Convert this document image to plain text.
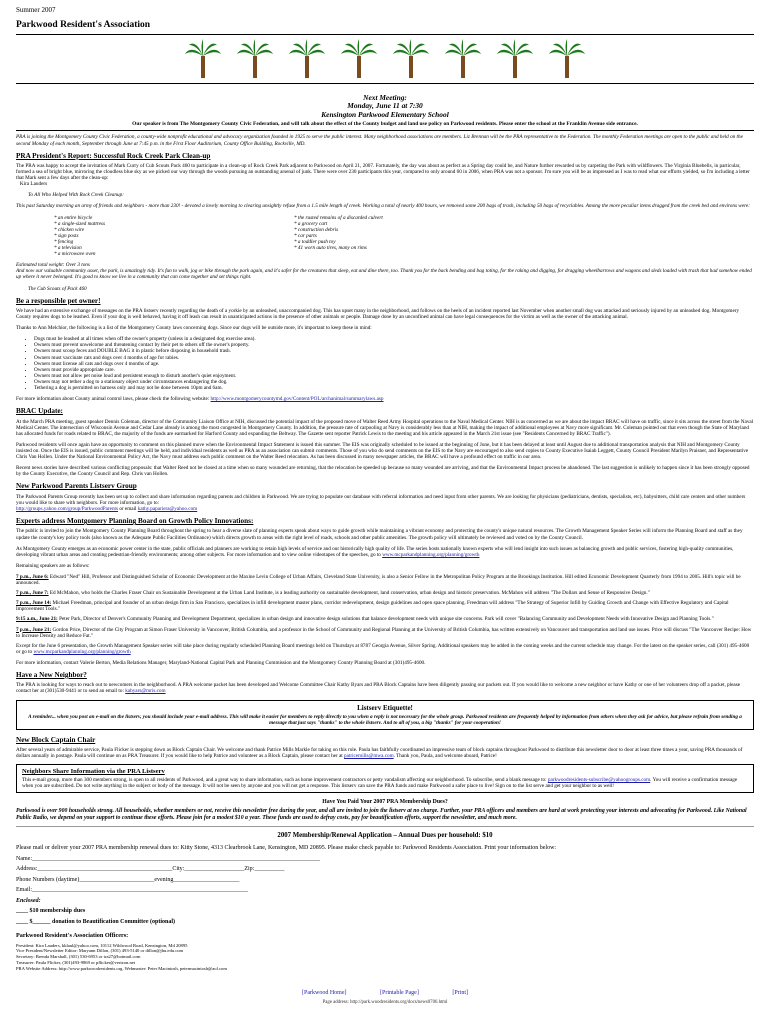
Summer 2007
Parkwood Resident's Association
Next Meeting:
Monday, June 11 at 7:30
Kensington Parkwood Elementary School
Our speaker is from The Montgomery County Civic Federation, and will talk about the effect of the County budget and land use policy on Parkwood residents. Please enter the school at the Franklin Avenue side entrance.

PRA is joining the Montgomery County Civic Federation, a county-wide nonprofit educational and advocacy organization founded in 1925 to serve the public interest. Many neighborhood associations are members. Liz Brennan will be the PRA representative to the Federation. The monthly Federation meetings are open to the public and held on the second Monday of each month, September through June at 7:45 p.m. in the First Floor Auditorium, County Office Building, Rockville, MD.

PRA President's Report: Successful Rock Creek Park Clean-up

The PRA was happy to accept the invitation of Mark Curry of Cub Scouts Pack 460 to participate in a clean-up of Rock Creek Park adjacent to Parkwood on April 21, 2007. Fortunately, the day was about as perfect as a Spring day could be, and Nature further rewarded us by carpeting the Park with wildflowers. The Virginia Bluebells, in particular, formed a sea of bright blue, mirroring the cloudless blue sky as we picked our way through the woods pursuing an outstanding arsenal of junk. There were over 230 participants this year, compared to only around 60 in 2006, when PRA was not a sponsor. I'm sure you will be as impressed as I was to read what our efforts yielded, so I'm including a letter that Mark sent a few days after the clean-up:
Kira Lauders

To All Who Helped With Rock Creek Cleanup:

This past Saturday morning an army of friends and neighbors - more than 230! - devoted a lovely morning to clearing unsightly refuse from a 1.5 mile length of creek. Working a total of nearly 400 hours, we removed some 200 bags of trash, including 50 bags of recyclables. Among the more peculiar items dragged from the creek bed and environs were:

* an entire bicycle
* a single-sized mattress
* chicken wire
* sign posts
* fencing
* a television
* a microwave oven
* the rusted remains of a discarded culvert
* a grocery cart
* construction debris
* car parts
* a toddler push toy
* 41 worn auto tires, many on rims

Estimated total weight: Over 3 tons
And now our valuable community asset, the park, is amazingly tidy. It's fun to walk, jog or bike through the park again, and it's safer for the creatures that sleep, eat and dine there, too. Thank you for the back bending and bag toting, for the raking and digging, for dragging wheelbarrows and wagons and sleds loaded with trash that had somehow ended up where it never belonged. It's good to know we live in a community that can come together and set things right.

The Cub Scouts of Pack 460

Be a responsible pet owner!

We have had an extensive exchange of messages on the PRA listserv recently regarding the death of a yorkie by an unleashed, unaccompanied dog. This has upset many in the neighborhood, and follows on the heels of an incident reported last November when another small dog was attacked and seriously injured by an unleashed dog. Montgomery County requires dogs to be leashed. Even if your dog is well behaved, having it off leash can result in unanticipated actions in the presence of other animals or people. Damage done by an unconfined animal can have legal consequences for the victim as well as the owner of the attacking animal.

Thanks to Ann Melchior, the following is a list of the Montgomery County laws concerning dogs. Since our dogs will be outside more, it's important to keep these in mind:

• Dogs must be leashed at all times when off the owner's property (unless in a designated dog exercise area).
• Owners must prevent unwelcome and threatening contact by their pet to others off the owner's property.
• Owners must scoop feces and DOUBLE BAG it in plastic before disposing in household trash.
• Owners must vaccinate cats and dogs over 4 months of age for rabies.
• Owners must license all cats and dogs over 4 months of age.
• Owners must provide appropriate care.
• Owners must not allow pet noise loud and persistent enough to disturb another's quiet enjoyment.
• Owners may not tether a dog to a stationary object under circumstances endangering the dog.
• Tethering a dog is permitted on harness only and may not be done between 10pm and 6am.

For more information about County animal control laws, please check the following website: http://www.montgomerycountymd.gov/Content/POL/archanimal/summarylaws.asp

BRAC Update:

At the March PRA meeting, guest speaker Dennis Coleman, director of the Community Liaison Office at NIH, discussed the potential impact of the proposed move of Walter Reed Army Hospital operations to the Naval Medical Center. NIH is as concerned as we are about the impact BRAC will have on traffic, since it sits across the street from the Naval Medical Center. The intersection of Wisconsin Avenue and Cedar Lane already is among the most congested in Montgomery County. In addition, the pressure rate of carpooling at Navy is considerably less than at NIH, making the impact of additional employees at Navy more significant. Mr. Coleman pointed out that even though the State of Maryland has allocated funds for roads related to BRAC, the majority of the funds are earmarked for Harford County and expanding the Beltway. The Gazette sent reporter Patrick Lewis to the meeting and his article appeared in the March 21st issue (see "Residents Concerned by BRAC Traffic").

Parkwood residents will once again have an opportunity to comment on this planned move when the Environmental Impact Statement is issued this summer. The EIS was originally scheduled to be issued at the beginning of June, but it has been delayed at least until August due to additional transportation analysis that NIH and Montgomery County insisted on. Once the EIS is issued, public comment meetings will be held, and individual residents as well as PRA as an association can submit comments. Those of you who do send comments on the EIS to the Navy are encouraged to also send copies to County Executive Isaiah Leggett, County Council President Marilyn Praisner, and Representative Chris Van Hollen. Under the National Environmental Policy Act, the Navy must address each public comment on the Walter Reed relocation. As has been discussed in many newspaper articles, the BRAC will have a profound effect on traffic in our area.

Recent news stories have described various conflicting proposals: that Walter Reed not be closed at a time when so many wounded are returning, that the relocation be speeded up because so many wounded are arriving, and that the Environmental Impact process be abandoned. The last suggestion is unlikely to happen since it has been strongly opposed by the County Executive, the County Council and Rep. Chris van Hollen.

New Parkwood Parents Listserv Group

The Parkwood Parents Group recently has been set up to collect and share information regarding parents and children in Parkwood. We are trying to populate our database with referral information and need input from other parents. We are looking for physicians (pediatricians, dentists, specialists, etc), babysitters, child care centers and other numbers you would like to share with neighbors. For more information, go to:
http://groups.yahoo.com/group/ParkwoodParents or email kathy.papariera@yahoo.com

Experts address Montgomery Planning Board on Growth Policy Innovations:

The public is invited to join the Montgomery County Planning Board throughout the spring to hear a diverse slate of planning experts speak about ways to guide growth while maintaining a vibrant economy and protecting the county's unique natural resources. The Growth Management Speaker Series will inform the Planning Board and staff as they update the county's key policy tools (also known as the Adequate Public Facilities Ordinance) which directs growth to areas with the right level of roads, schools and other public amenities. The growth policy will ultimately be reviewed and voted on by the County Council.

As Montgomery County emerges as an economic power center in the state, public officials and planners are working to retain high levels of service and our historically high quality of life. The series hosts nationally known experts who will lend insight into such issues as balancing growth and public services, fostering high-quality communities, developing vibrant urban areas and creating pedestrian-friendly environments; among other subjects. For more information and to view online videotapes of the speeches, go to www.mcparkandplanning.org/planning/growth

Remaining speakers are as follows:

7 p.m., June 6: Edward "Ned" Hill, Professor and Distinguished Scholar of Economic Development at the Maxine Levin College of Urban Affairs, Cleveland State University, is also a Senior Fellow in the Metropolitan Policy Program at the Brookings Institution. Hill edited Economic Development Quarterly from 1994 to 2005. Hill's topic will be announced.

7 p.m., June 7: Ed McMahon, who holds the Charles Fraser Chair on Sustainable Development at the Urban Land Institute, is a leading authority on sustainable development, land conservation, urban design and historic preservation. McMahon will address "The Dollars and Sense of Responsive Design."

7 p.m., June 14: Michael Freedman, principal and founder of an urban design firm in San Francisco, specializes in infill development master plans, corridor redevelopment, design guidelines and open space planning. Freedman will address "The Strategy of Superior Infill by Guiding Growth and Change with Effective Regulatory and Capital Improvement Tools."

9:15 a.m., June 21: Peter Park, Director of Denver's Community Planning and Development Department, specializes in urban design and innovative design solutions that balance development needs with unique site concerns. Park will cover "Balancing Community and Development Needs with Innovative Design and Planning Tools."

7 p.m., June 21: Gordon Price, Director of the City Program at Simon Fraser University in Vancouver, British Columbia, and a professor in the School of Community and Regional Planning at the University of British Columbia, has written extensively on Vancouver and transportation and land use issues. Price will discuss "The Vancouver Recipe: How to Increase Density and Reduce Fat."

Except for the June 6 presentation, the Growth Management Speaker series will take place during regularly scheduled Planning Board meetings held on Thursdays at 8787 Georgia Avenue, Silver Spring. Additional speakers may be added in the coming weeks and the current schedule may change. For the latest on the speaker series, call (301) 495-4600 or go to www.mcparkandplanning.org/planning/growth

For more information, contact Valerie Berton, Media Relations Manager, Maryland-National Capital Park and Planning Commission and the Montgomery County Planning Board at (301)495-4600.

Have a New Neighbor?

The PRA is looking for ways to reach out to newcomers in the neighborhood. A PRA welcome packet has been developed and Welcome Committee Chair Kathy Byars and PRA Block Captains have been diligently passing our packets out. If you would like to welcome a new neighbor or have Kathy or one of her volunteers drop off a packet, please contact her at (301)530-9441 or to send an email to: kabyars@mris.com

Listserv Etiquette!
A reminder... when you post an e-mail on the listserv, you should include your e-mail address. This will make it easier for members to reply directly to you when a reply is not necessary for the whole group. Parkwood residents are frequently helped by information from others when they ask for advice, but please refrain from sending a message that just says "thanks" to the whole listserv. And to all of you, a big "thanks" for your cooperation!
New Block Captain Chair

After several years of admirable service, Paula Flicker is stepping down as Block Captain Chair. We welcome and thank Patrice Mills Markle for taking on this role. Paula has faithfully coordinated an impressive team of block captains throughout Parkwood to distribute this newsletter door to door at least three times a year, saving PRA thousands of dollars annually in postage. Paula will continue on as PRA Treasurer. If you would like to help Patrice and volunteer as a Block Captain, please contact her at patricemills@mwa.com. Thank you, Paula, and welcome aboard, Patrice!

Neighbors Share Information via the PRA Listserv
This e-mail group, more than 300 members strong, is open to all residents of Parkwood, and a great way to share information, such as home improvement contractors or petty vandalism affecting our neighborhood. To subscribe, send a blank message to: parkwoodresidents-subscribe@yahoogroups.com. You will receive a confirmation message when you are subscribed. Do not write anything in the subject or body of the message. It will not be seen by anyone and you will not get a response. This listserv can save the PRA funds and make Parkwood a safer place to live! Sign on to the list serve and get your neighbor to as well!
Have You Paid Your 2007 PRA Membership Dues?

Parkwood is over 900 households strong. All households, whether members or not, receive this newsletter free during the year, and all are invited to join the listserv at no charge. Further, your PRA officers and members are hard at work protecting your interests and advocating for Parkwood. Like National Public Radio, we depend on your support to continue these efforts. Please join for a modest $10 a year. These funds are used to defray costs, pay for beautification efforts, support the newsletter, and much more.

2007 Membership/Renewal Application – Annual Dues per household: $10
Please mail or deliver your 2007 PRA membership renewal dues to: Kitty Stone, 4313 Clearbrook Lane, Kensington, MD 20895. Please make check payable to: Parkwood Residents Association. Print your information below:
Name:________________________________________________________________________________________________
Address:_____________________________________________City:____________________Zip:__________
Phone Numbers (daytime)_________________________evening______________________
Email:________________________________________________________________________
Enclosed:
____ $10 membership dues
____ $______ donation to Beautification Committee (optional)
Parkwood Resident's Association Officers:
President: Kira Lauders, kklaul@yahoo.com, 10112 Wildwood Road, Kensington, Md 20895
Vice President/Newsletter Editor: Maryann Dillon, (301) 493-5140 or dillon@jhu.edu.com
Secretary: Brenda Marshall, (301) 530-6953 or tra27@hotmail.com
Treasurer: Paula Flicker, (301)493-9869 or pflicker@verizon.net
PRA Website Address: http://www.parkwoodresidents.org. Webmaster: Peter Macintosh, petermacintosh@aol.com
[Parkwood Home]	[Printable Page]	[Print]
Page address: http://park.woodresidents.org/docs/news0706.html
